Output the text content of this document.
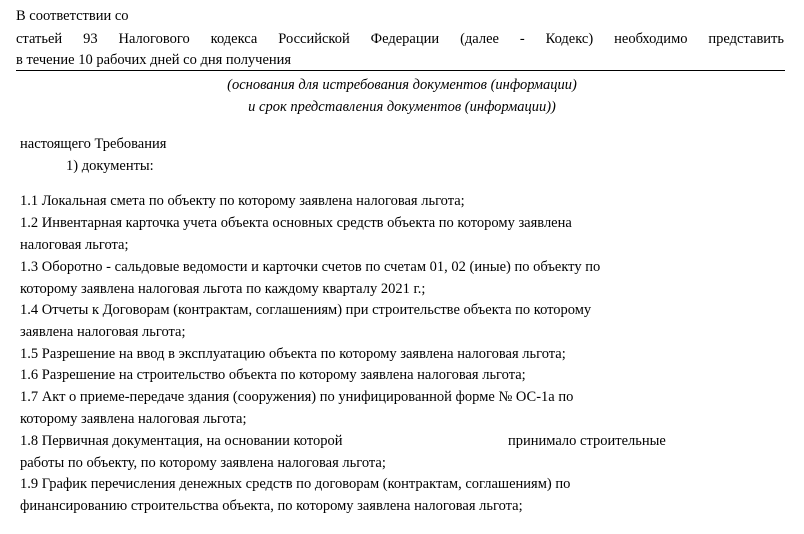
В соответствии со
статьей 93 Налогового кодекса Российской Федерации (далее - Кодекс) необходимо представить
в течение 10 рабочих дней со дня получения
(основания для истребования документов (информации)
и срок представления документов (информации))
настоящего Требования
1) документы:
1.1 Локальная смета по объекту по которому заявлена налоговая льгота;
1.2 Инвентарная карточка учета объекта основных средств объекта по которому заявлена
налоговая льгота;
1.3 Оборотно - сальдовые ведомости и карточки счетов по счетам 01, 02 (иные) по объекту по
которому заявлена налоговая льгота по каждому кварталу 2021 г.;
1.4 Отчеты к Договорам (контрактам, соглашениям) при строительстве объекта по которому
заявлена налоговая льгота;
1.5 Разрешение на ввод в эксплуатацию объекта по которому заявлена налоговая льгота;
1.6 Разрешение на строительство объекта по которому заявлена налоговая льгота;
1.7 Акт о приеме-передаче здания (сооружения) по унифицированной форме № ОС-1а по
которому заявлена налоговая льгота;
1.8 Первичная документация, на основании которой	принимало строительные
работы по объекту, по которому заявлена налоговая льгота;
1.9 График перечисления денежных средств по договорам (контрактам, соглашениям) по
финансированию строительства объекта, по которому заявлена налоговая льгота;
